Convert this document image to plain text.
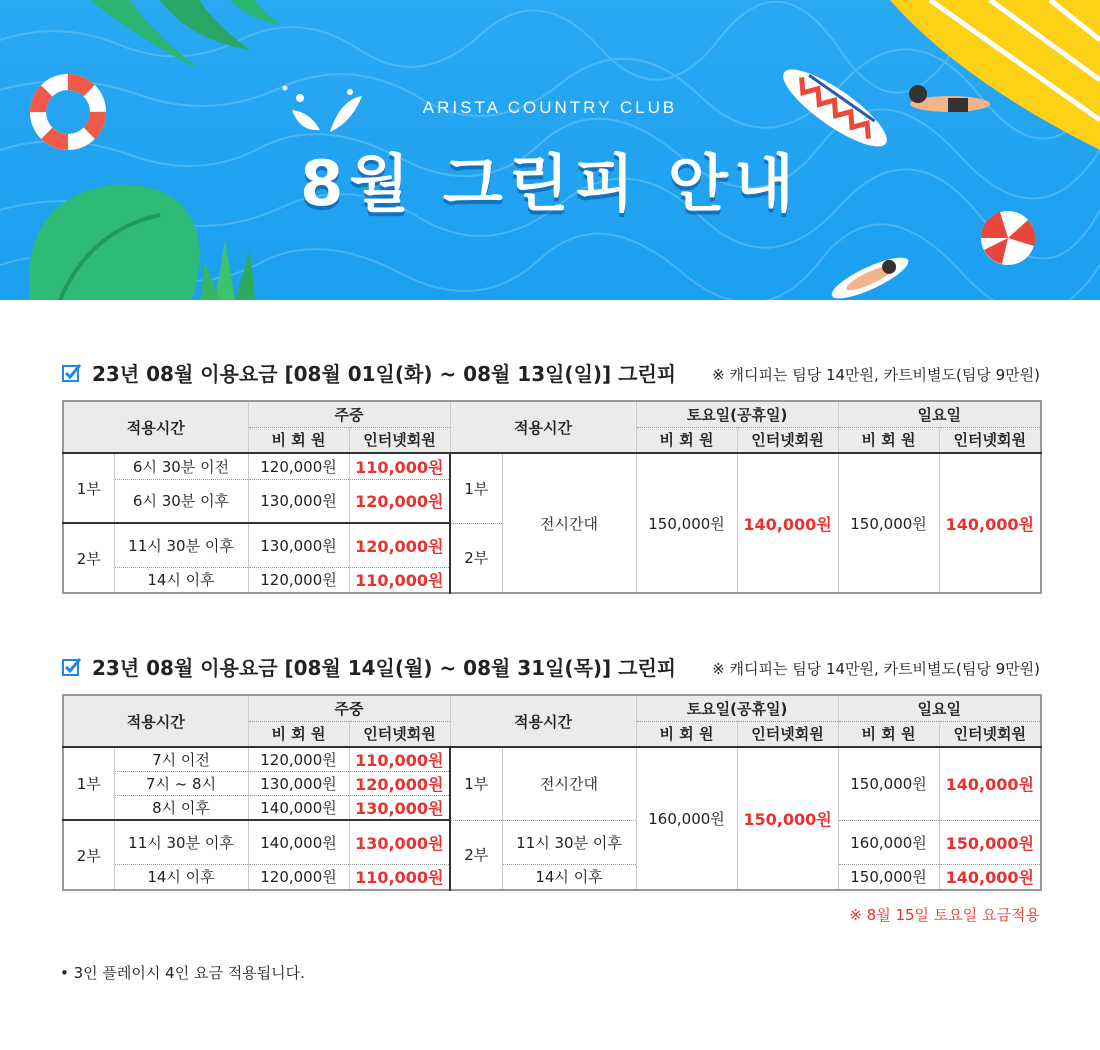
ARISTA COUNTRY CLUB
8월 그린피 안내
23년 08월 이용요금 [08월 01일(화) ~ 08월 13일(일)] 그린피 ※ 캐디피는 팀당 14만원, 카트비별도(팀당 9만원)
적용시간		주중		적용시간		토요일(공휴일)		일요일	
		비 회 원	인터넷회원			비 회 원	인터넷회원	비 회 원	인터넷회원
1부	6시 30분 이전	120,000원	110,000원	1부	전시간대	150,000원	140,000원	150,000원	140,000원
	6시 30분 이후	130,000원	120,000원						
2부	11시 30분 이후	130,000원	120,000원	2부					
	14시 이후	120,000원	110,000원						
23년 08월 이용요금 [08월 14일(월) ~ 08월 31일(목)] 그린피 ※ 캐디피는 팀당 14만원, 카트비별도(팀당 9만원)
적용시간		주중		적용시간		토요일(공휴일)		일요일	
		비 회 원	인터넷회원			비 회 원	인터넷회원	비 회 원	인터넷회원
1부	7시 이전	120,000원	110,000원	1부	전시간대	160,000원	150,000원	150,000원	140,000원
	7시 ~ 8시	130,000원	120,000원						
	8시 이후	140,000원	130,000원						
2부	11시 30분 이후	140,000원	130,000원	2부	11시 30분 이후			160,000원	150,000원
	14시 이후	120,000원	110,000원		14시 이후			150,000원	140,000원
※ 8월 15일 토요일 요금적용
• 3인 플레이시 4인 요금 적용됩니다.
